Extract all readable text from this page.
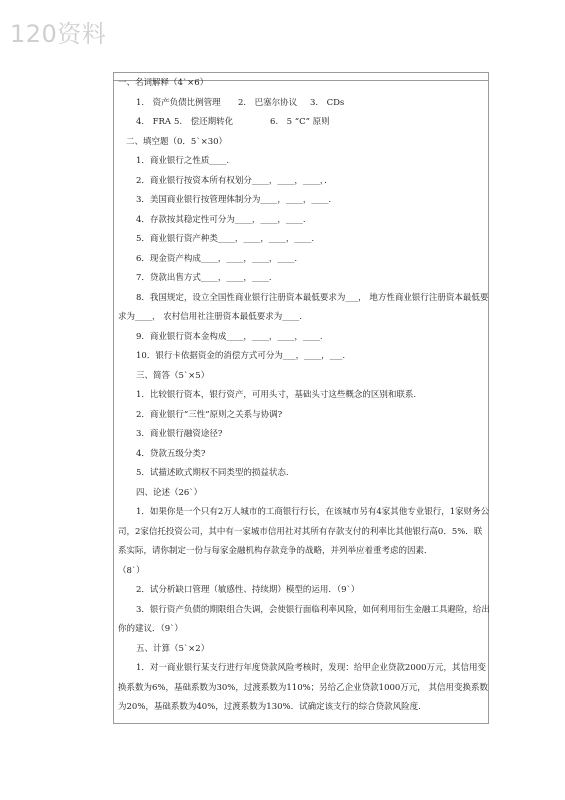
120资料
一、名词解释（4`×6）
1.　资产负债比例管理 2.　巴塞尔协议 3.　CDs
4.　FRA 5.　偿还期转化	6.　5 “C” 原则
二、填空题（0．5`×30）
1．商业银行之性质____.
2．商业银行按资本所有权划分____，____，____，．
3．美国商业银行按管理体制分为____，____，____.
4．存款按其稳定性可分为____，____，____.
5．商业银行资产种类____，____，____，____.
6．现金资产构成____，____，____，____.
7．贷款出售方式____，____，____.
8．我国规定，设立全国性商业银行注册资本最低要求为___， 地方性商业银行注册资本最低要求为____， 农村信用社注册资本最低要求为____.
9．商业银行资本金构成____，____，____，____.
10．银行卡依据资金的消偿方式可分为___，____，___.
三、简答（5`×5）
1．比较银行资本，银行资产，可用头寸，基础头寸这些概念的区别和联系.
2．商业银行“三性”原则之关系与协调?
3．商业银行融资途径?
4．贷款五级分类?
5．试描述欧式期权不同类型的损益状态.
四、论述（26`）
1．如果你是一个只有2万人城市的工商银行行长，在该城市另有4家其他专业银行，1家财务公司，2家信托投资公司，其中有一家城市信用社对其所有存款支付的利率比其他银行高0．5%．联系实际，请你制定一份与每家金融机构存款竞争的战略，并列举应着重考虑的因素．
（8`）
2．试分析缺口管理（敏感性、持续期）模型的运用．（9`）
3．银行资产负债的期限组合失调，会使银行面临利率风险，如何利用衍生金融工具避险，给出你的建议．（9`）
五、计算（5`×2）
1．对一商业银行某支行进行年度贷款风险考核时，发现：给甲企业贷款2000万元，其信用变换系数为6%，基础系数为30%，过渡系数为110%；另给乙企业贷款1000万元， 其信用变换系数为20%，基础系数为40%，过渡系数为130%．试确定该支行的综合贷款风险度.
